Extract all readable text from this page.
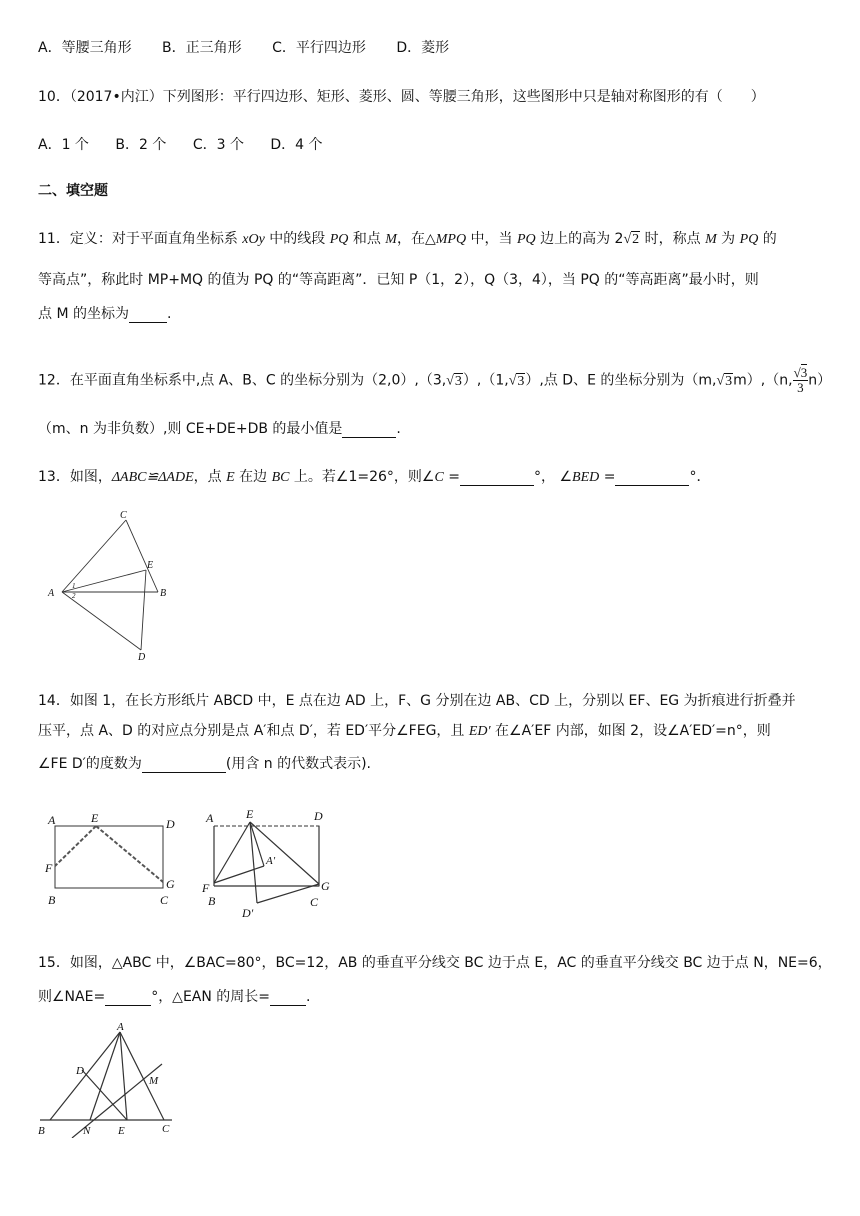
A．等腰三角形 B．正三角形 C．平行四边形 D．菱形
10．（2017•内江）下列图形：平行四边形、矩形、菱形、圆、等腰三角形，这些图形中只是轴对称图形的有（　　）
A．1 个 B．2 个 C．3 个 D．4 个
二、填空题
11．定义：对于平面直角坐标系 xOy 中的线段 PQ 和点 M，在△MPQ 中，当 PQ 边上的高为 2√2 时，称点 M 为 PQ 的
等高点”，称此时 MP+MQ 的值为 PQ 的“等高距离”．已知 P（1，2），Q（3，4），当 PQ 的“等高距离”最小时，则
点 M 的坐标为	.
12．在平面直角坐标系中,点 A、B、C 的坐标分别为（2,0）,（3,√3）,（1,√3）,点 D、E 的坐标分别为（m,√3m）,（n, $\frac{√3}{3} n$）
（m、n 为非负数）,则 CE+DE+DB 的最小值是	.
13．如图，ΔABC≌ΔADE，点 E 在边 BC 上。若∠1=26°，则∠C =	°， ∠BED =	°．
C
E
A	B
D
1
2
14．如图 1，在长方形纸片 ABCD 中，E 点在边 AD 上，F、G 分别在边 AB、CD 上，分别以 EF、EG 为折痕进行折叠并
压平，点 A、D 的对应点分别是点 A′和点 D′，若 ED′平分∠FEG，且 ED′ 在∠A′EF 内部，如图 2，设∠A′ED′=n°，则
∠FE D′的度数为	(用含 n 的代数式表示).
A	E	D
F
G
B	C
A	E	D
A′
F	G
B	C
D′
15．如图，△ABC 中，∠BAC=80°，BC=12，AB 的垂直平分线交 BC 边于点 E，AC 的垂直平分线交 BC 边于点 N，NE=6，
则∠NAE=	°，△EAN 的周长=	.
A
D
M
B	N	E	C
